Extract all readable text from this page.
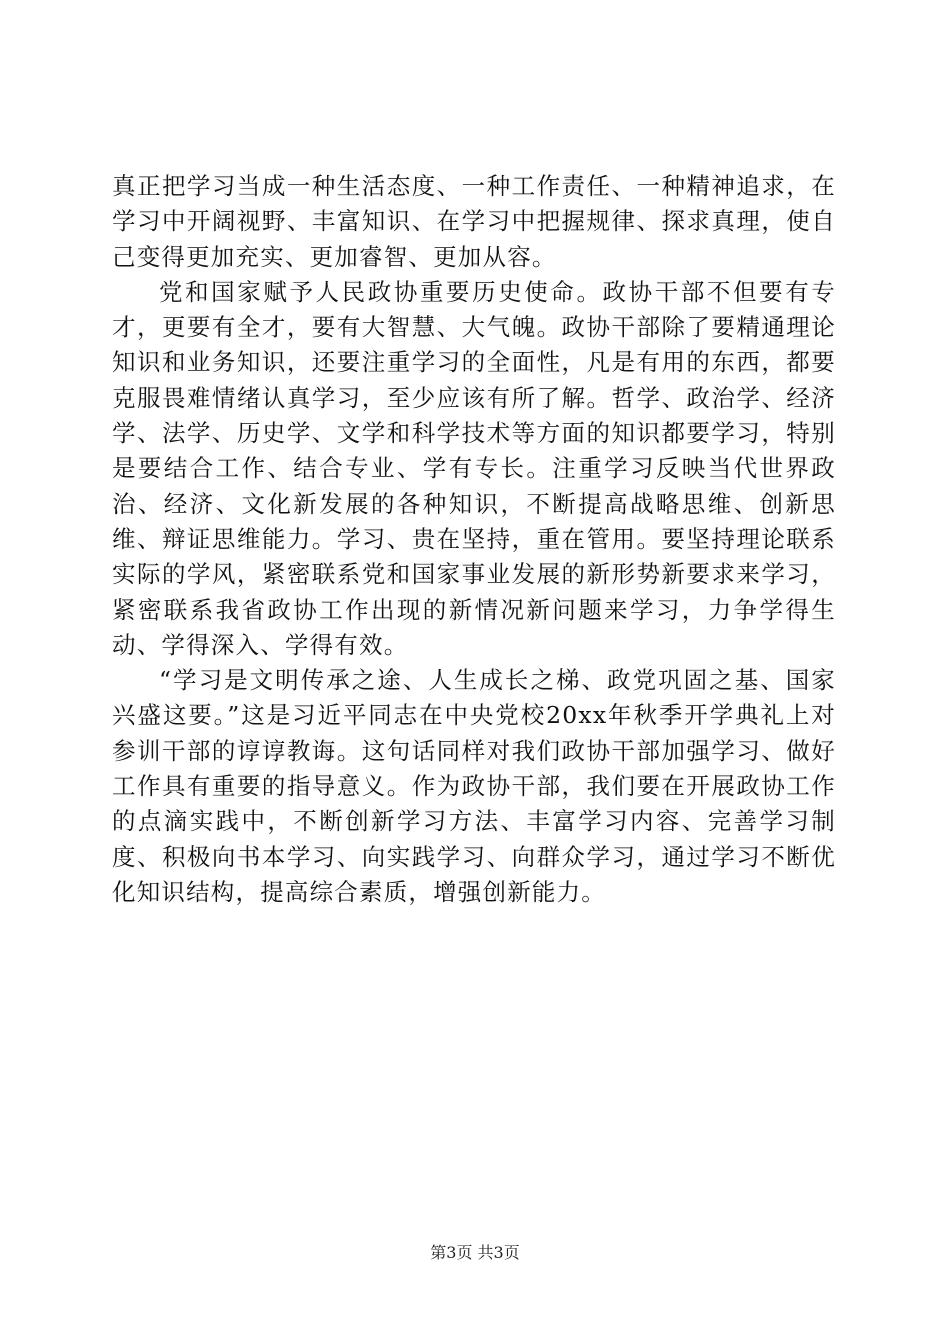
真正把学习当成一种生活态度、一种工作责任、一种精神追求，在学习中开阔视野、丰富知识、在学习中把握规律、探求真理，使自己变得更加充实、更加睿智、更加从容。

党和国家赋予人民政协重要历史使命。政协干部不但要有专才，更要有全才，要有大智慧、大气魄。政协干部除了要精通理论知识和业务知识，还要注重学习的全面性，凡是有用的东西，都要克服畏难情绪认真学习，至少应该有所了解。哲学、政治学、经济学、法学、历史学、文学和科学技术等方面的知识都要学习，特别是要结合工作、结合专业、学有专长。注重学习反映当代世界政治、经济、文化新发展的各种知识，不断提高战略思维、创新思维、辩证思维能力。学习、贵在坚持，重在管用。要坚持理论联系实际的学风，紧密联系党和国家事业发展的新形势新要求来学习，紧密联系我省政协工作出现的新情况新问题来学习，力争学得生动、学得深入、学得有效。

“学习是文明传承之途、人生成长之梯、政党巩固之基、国家兴盛这要。”这是习近平同志在中央党校20xx年秋季开学典礼上对参训干部的谆谆教诲。这句话同样对我们政协干部加强学习、做好工作具有重要的指导意义。作为政协干部，我们要在开展政协工作的点滴实践中，不断创新学习方法、丰富学习内容、完善学习制度、积极向书本学习、向实践学习、向群众学习，通过学习不断优化知识结构，提高综合素质，增强创新能力。

第3页 共3页
